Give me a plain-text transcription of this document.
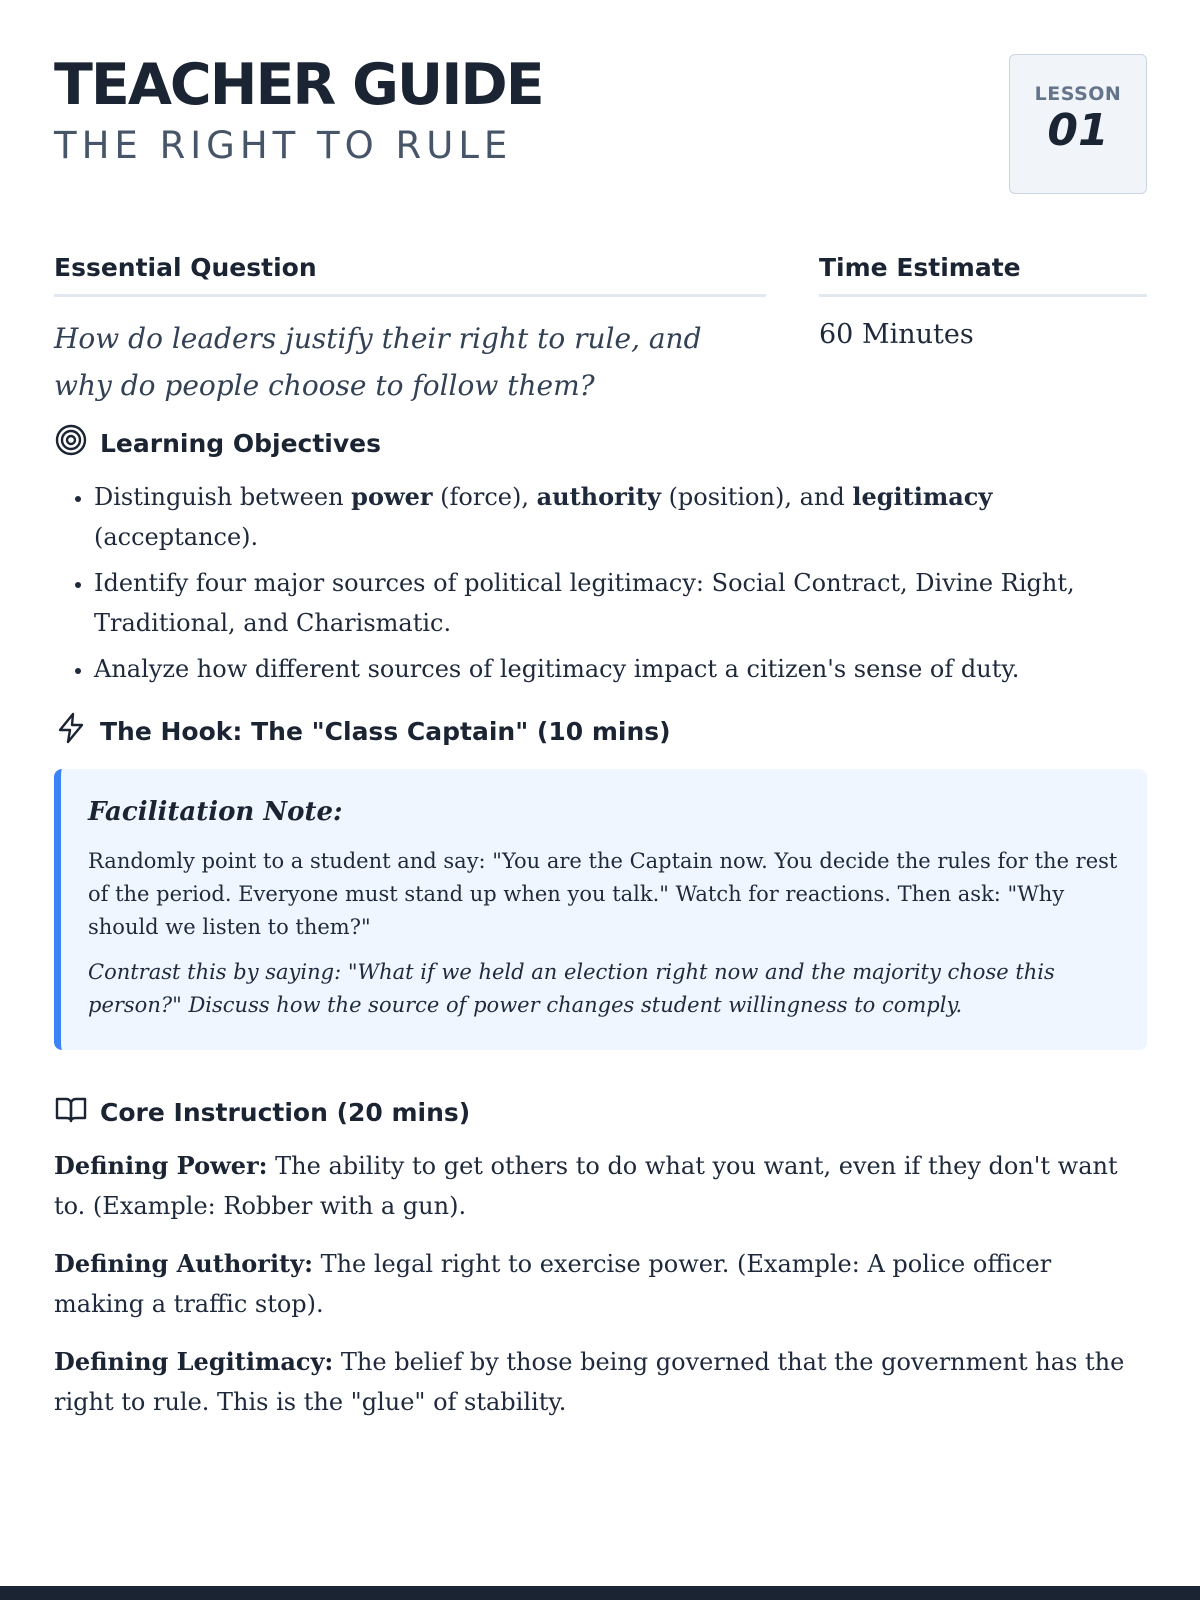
TEACHER GUIDE
THE RIGHT TO RULE
LESSON
01
Essential Question
How do leaders justify their right to rule, and why do people choose to follow them?
Time Estimate
60 Minutes
Learning Objectives
• Distinguish between power (force), authority (position), and legitimacy (acceptance).
• Identify four major sources of political legitimacy: Social Contract, Divine Right, Traditional, and Charismatic.
• Analyze how different sources of legitimacy impact a citizen's sense of duty.
The Hook: The "Class Captain" (10 mins)
Facilitation Note:
Randomly point to a student and say: "You are the Captain now. You decide the rules for the rest of the period. Everyone must stand up when you talk." Watch for reactions. Then ask: "Why should we listen to them?"
Contrast this by saying: "What if we held an election right now and the majority chose this person?" Discuss how the source of power changes student willingness to comply.
Core Instruction (20 mins)

Defining Power: The ability to get others to do what you want, even if they don't want to. (Example: Robber with a gun).

Defining Authority: The legal right to exercise power. (Example: A police officer making a traffic stop).

Defining Legitimacy: The belief by those being governed that the government has the right to rule. This is the "glue" of stability.
